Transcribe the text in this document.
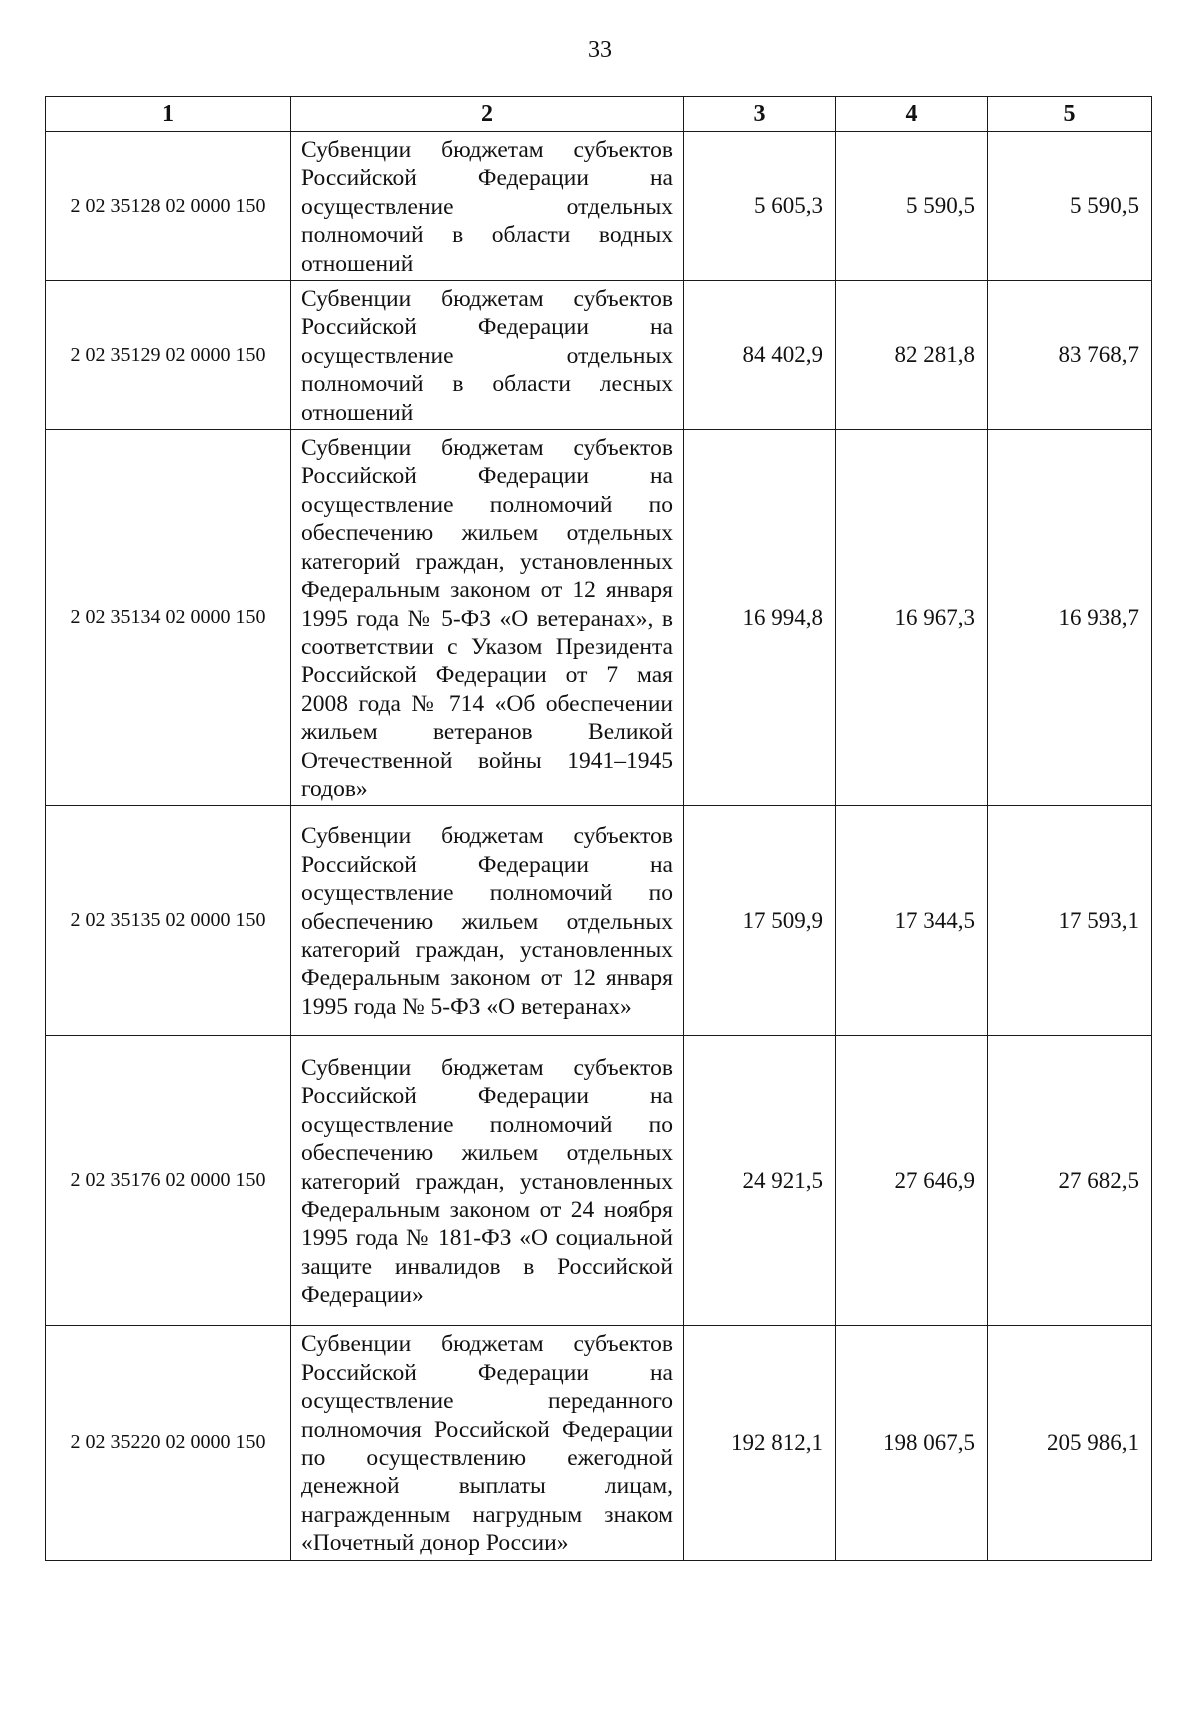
33
1	2	3	4	5
2 02 35128 02 0000 150	Субвенции бюджетам субъектов Российской Федерации на осуществление отдельных полномочий в области водных отношений	5 605,3	5 590,5	5 590,5
2 02 35129 02 0000 150	Субвенции бюджетам субъектов Российской Федерации на осуществление отдельных полномочий в области лесных отношений	84 402,9	82 281,8	83 768,7
2 02 35134 02 0000 150	Субвенции бюджетам субъектов Российской Федерации на осуществление полномочий по обеспечению жильем отдельных категорий граждан, установленных Федеральным законом от 12 января 1995 года № 5-ФЗ «О ветеранах», в соответствии с Указом Президента Российской Федерации от 7 мая 2008 года № 714 «Об обеспечении жильем ветеранов Великой Отечественной войны 1941–1945 годов»	16 994,8	16 967,3	16 938,7
2 02 35135 02 0000 150	Субвенции бюджетам субъектов Российской Федерации на осуществление полномочий по обеспечению жильем отдельных категорий граждан, установленных Федеральным законом от 12 января 1995 года № 5-ФЗ «О ветеранах»	17 509,9	17 344,5	17 593,1
2 02 35176 02 0000 150	Субвенции бюджетам субъектов Российской Федерации на осуществление полномочий по обеспечению жильем отдельных категорий граждан, установленных Федеральным законом от 24 ноября 1995 года № 181-ФЗ «О социальной защите инвалидов в Российской Федерации»	24 921,5	27 646,9	27 682,5
2 02 35220 02 0000 150	Субвенции бюджетам субъектов Российской Федерации на осуществление переданного полномочия Российской Федерации по осуществлению ежегодной денежной выплаты лицам, награжденным нагрудным знаком «Почетный донор России»	192 812,1	198 067,5	205 986,1
